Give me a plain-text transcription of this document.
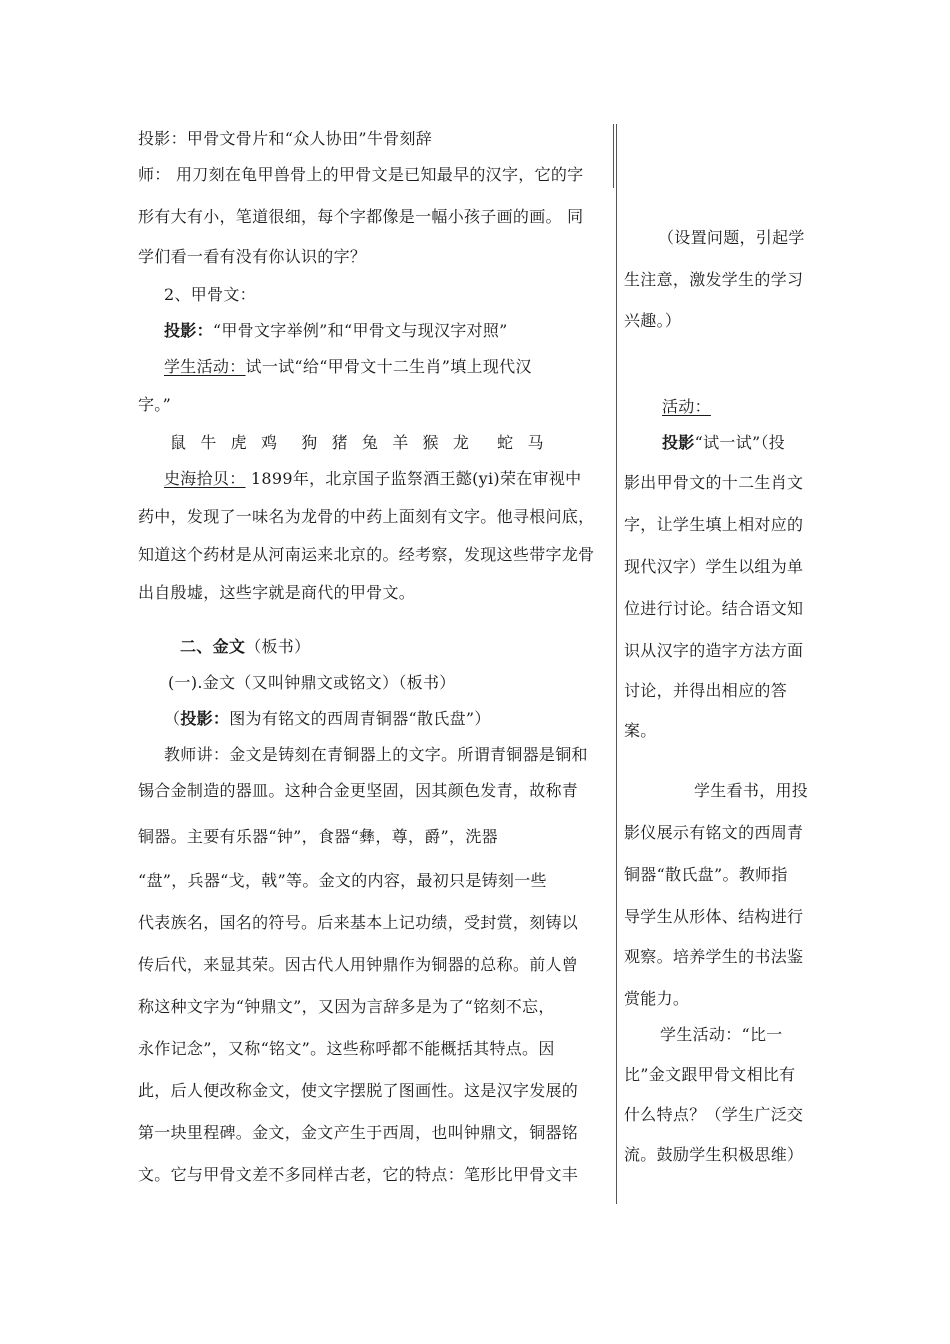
投影：甲骨文骨片和“众人协田”牛骨刻辞
师： 用刀刻在龟甲兽骨上的甲骨文是已知最早的汉字，它的字
形有大有小，笔道很细，每个字都像是一幅小孩子画的画。 同
学们看一看有没有你认识的字？
2、甲骨文：
投影：“甲骨文字举例”和“甲骨文与现汉字对照”
学生活动：试一试“给“甲骨文十二生肖”填上现代汉
字。”
鼠 牛 虎 鸡 狗 猪 兔 羊 猴 龙 蛇 马
史海拾贝： 1899年，北京国子监祭酒王懿(yi)荣在审视中
药中，发现了一味名为龙骨的中药上面刻有文字。他寻根问底，
知道这个药材是从河南运来北京的。经考察，发现这些带字龙骨
出自殷墟，这些字就是商代的甲骨文。
二、金文（板书）
(一).金文（又叫钟鼎文或铭文）（板书）
（投影：图为有铭文的西周青铜器“散氏盘”）
教师讲：金文是铸刻在青铜器上的文字。所谓青铜器是铜和
锡合金制造的器皿。这种合金更坚固，因其颜色发青，故称青
铜器。主要有乐器“钟”，食器“彝，尊，爵”，洗器
“盘”，兵器“戈，戟”等。金文的内容，最初只是铸刻一些
代表族名，国名的符号。后来基本上记功绩，受封赏，刻铸以
传后代，来显其荣。因古代人用钟鼎作为铜器的总称。前人曾
称这种文字为“钟鼎文”，又因为言辞多是为了“铭刻不忘，
永作记念”，又称“铭文”。这些称呼都不能概括其特点。因
此，后人便改称金文，使文字摆脱了图画性。这是汉字发展的
第一块里程碑。金文，金文产生于西周，也叫钟鼎文，铜器铭
文。它与甲骨文差不多同样古老，它的特点：笔形比甲骨文丰
（设置问题，引起学
生注意，激发学生的学习
兴趣。）
活动：
投影“试一试”（投
影出甲骨文的十二生肖文
字，让学生填上相对应的
现代汉字）学生以组为单
位进行讨论。结合语文知
识从汉字的造字方法方面
讨论，并得出相应的答
案。
学生看书，用投
影仪展示有铭文的西周青
铜器“散氏盘”。教师指
导学生从形体、结构进行
观察。培养学生的书法鉴
赏能力。
学生活动：“比一
比”金文跟甲骨文相比有
什么特点？（学生广泛交
流。鼓励学生积极思维）
